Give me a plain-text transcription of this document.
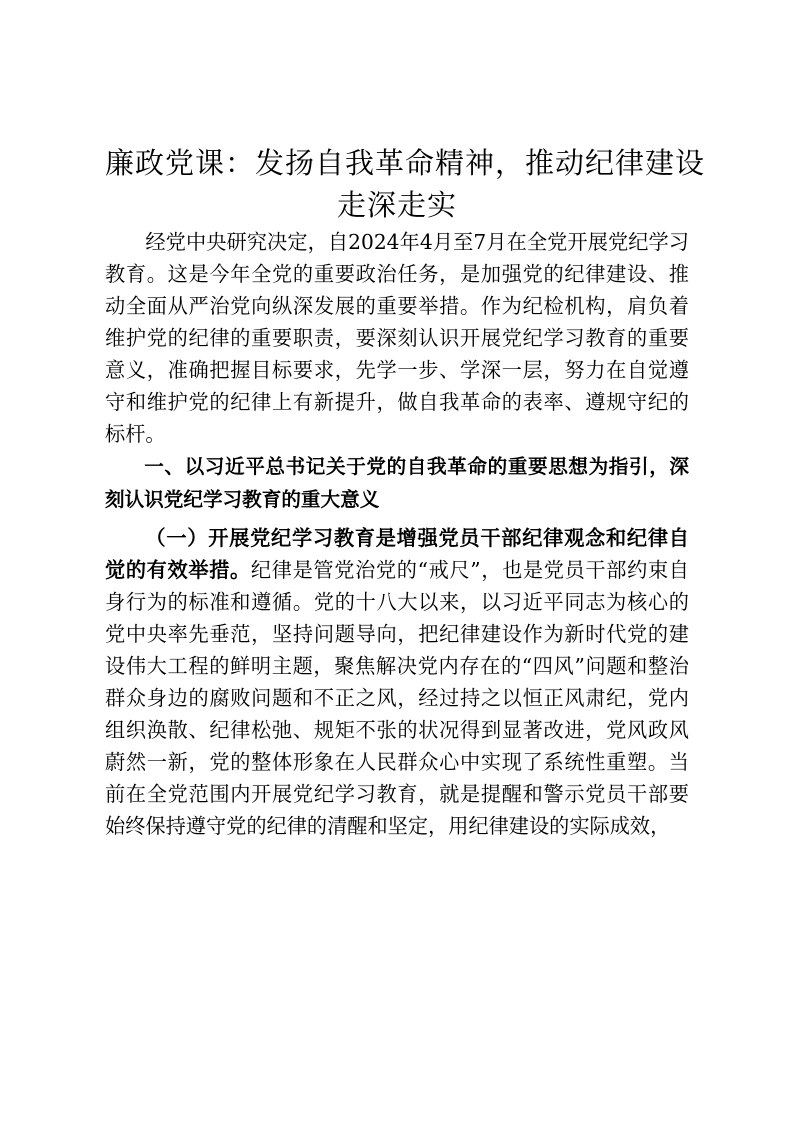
廉政党课：发扬自我革命精神，推动纪律建设
走深走实

经党中央研究决定，自2024年4月至7月在全党开展党纪学习教育。这是今年全党的重要政治任务，是加强党的纪律建设、推动全面从严治党向纵深发展的重要举措。作为纪检机构，肩负着维护党的纪律的重要职责，要深刻认识开展党纪学习教育的重要意义，准确把握目标要求，先学一步、学深一层，努力在自觉遵守和维护党的纪律上有新提升，做自我革命的表率、遵规守纪的标杆。

一、以习近平总书记关于党的自我革命的重要思想为指引，深刻认识党纪学习教育的重大意义

（一）开展党纪学习教育是增强党员干部纪律观念和纪律自觉的有效举措。纪律是管党治党的“戒尺”，也是党员干部约束自身行为的标准和遵循。党的十八大以来，以习近平同志为核心的党中央率先垂范，坚持问题导向，把纪律建设作为新时代党的建设伟大工程的鲜明主题，聚焦解决党内存在的“四风”问题和整治群众身边的腐败问题和不正之风，经过持之以恒正风肃纪，党内组织涣散、纪律松弛、规矩不张的状况得到显著改进，党风政风蔚然一新，党的整体形象在人民群众心中实现了系统性重塑。当前在全党范围内开展党纪学习教育，就是提醒和警示党员干部要始终保持遵守党的纪律的清醒和坚定，用纪律建设的实际成效，
